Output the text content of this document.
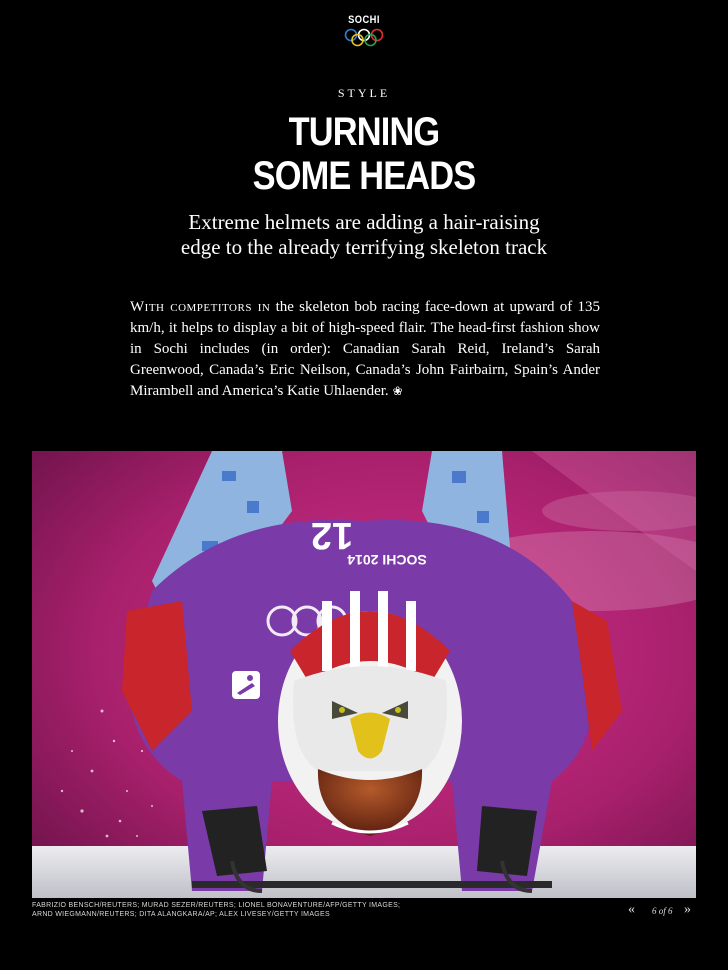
SOCHI
STYLE
TURNING
SOME HEADS
Extreme helmets are adding a hair-raising
edge to the already terrifying skeleton track

With competitors in the skeleton bob racing face-down at upward of 135 km/h, it helps to display a bit of high-speed flair. The head-first fashion show in Sochi includes (in order): Canadian Sarah Reid, Ireland’s Sarah Greenwood, Canada’s Eric Neilson, Canada’s John Fairbairn, Spain’s Ander Mirambell and America’s Katie Uhlaender. ❀

SOCHI 2014
12
FABRIZIO BENSCH/REUTERS; MURAD SEZER/REUTERS; LIONEL BONAVENTURE/AFP/GETTY IMAGES;
ARND WIEGMANN/REUTERS; DITA ALANGKARA/AP; ALEX LIVESEY/GETTY IMAGES	« 6 of 6 »
